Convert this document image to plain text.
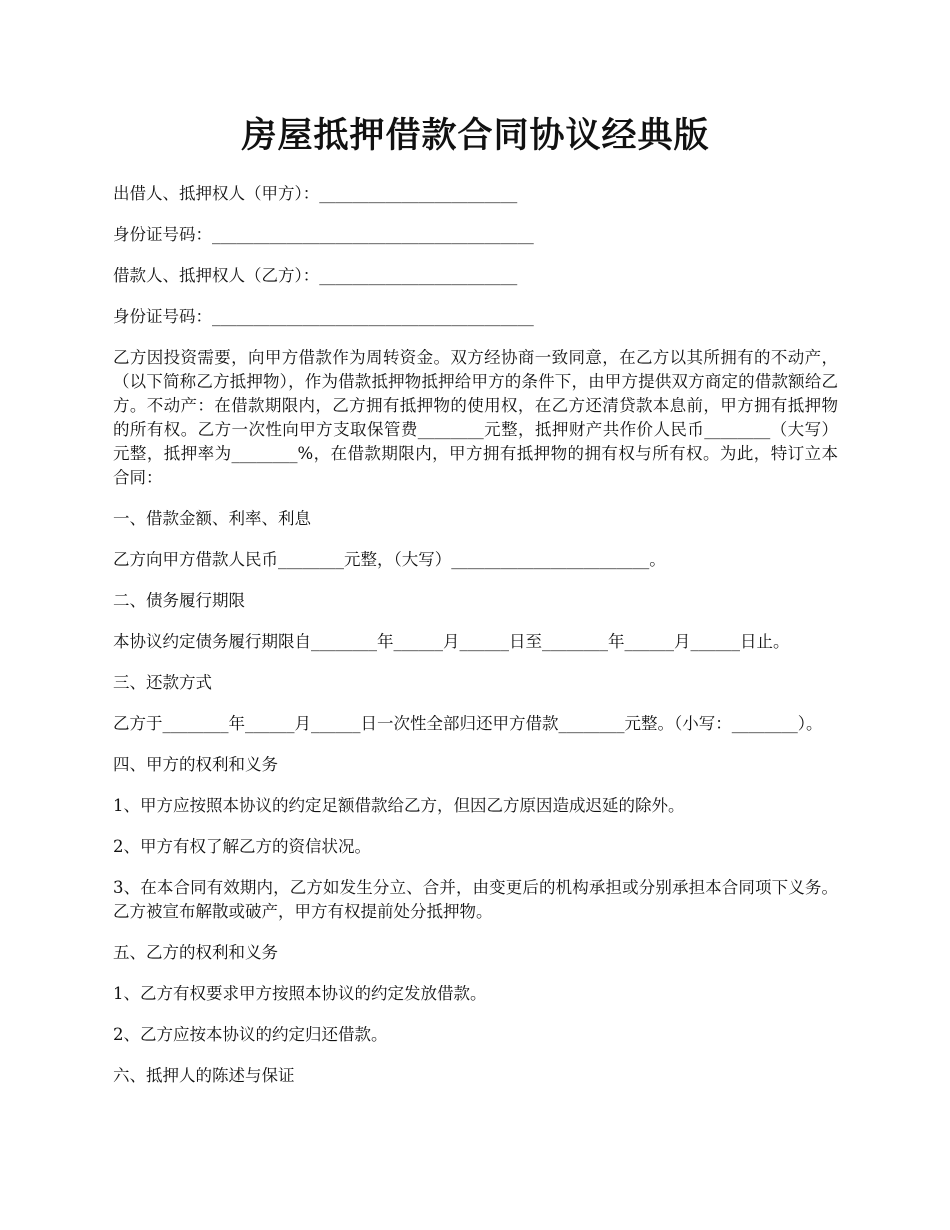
房屋抵押借款合同协议经典版

出借人、抵押权人（甲方）：________________________

身份证号码：_______________________________________

借款人、抵押权人（乙方）：________________________

身份证号码：_______________________________________

乙方因投资需要，向甲方借款作为周转资金。双方经协商一致同意，在乙方以其所拥有的不动产，（以下简称乙方抵押物），作为借款抵押物抵押给甲方的条件下，由甲方提供双方商定的借款额给乙方。不动产：在借款期限内，乙方拥有抵押物的使用权，在乙方还清贷款本息前，甲方拥有抵押物的所有权。乙方一次性向甲方支取保管费________元整，抵押财产共作价人民币________（大写）元整，抵押率为________%，在借款期限内，甲方拥有抵押物的拥有权与所有权。为此，特订立本合同：

一、借款金额、利率、利息

乙方向甲方借款人民币________元整，（大写）________________________。

二、债务履行期限

本协议约定债务履行期限自________年______月______日至________年______月______日止。

三、还款方式

乙方于________年______月______日一次性全部归还甲方借款________元整。（小写：________）。

四、甲方的权利和义务

1、甲方应按照本协议的约定足额借款给乙方，但因乙方原因造成迟延的除外。

2、甲方有权了解乙方的资信状况。

3、在本合同有效期内，乙方如发生分立、合并，由变更后的机构承担或分别承担本合同项下义务。乙方被宣布解散或破产，甲方有权提前处分抵押物。

五、乙方的权利和义务

1、乙方有权要求甲方按照本协议的约定发放借款。

2、乙方应按本协议的约定归还借款。

六、抵押人的陈述与保证
